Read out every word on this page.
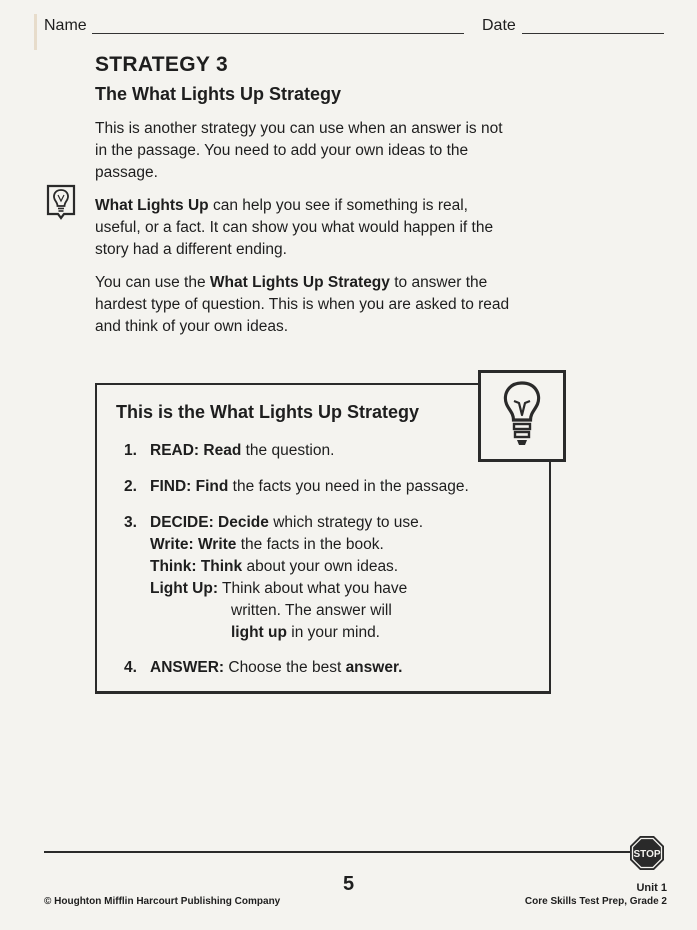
Name	Date
STRATEGY 3
The What Lights Up Strategy
This is another strategy you can use when an answer is not in the passage. You need to add your own ideas to the passage.
What Lights Up can help you see if something is real, useful, or a fact. It can show you what would happen if the story had a different ending.
You can use the What Lights Up Strategy to answer the hardest type of question. This is when you are asked to read and think of your own ideas.
This is the What Lights Up Strategy
1. READ: Read the question.
2. FIND: Find the facts you need in the passage.
3. DECIDE: Decide which strategy to use.
Write: Write the facts in the book.
Think: Think about your own ideas.
Light Up: Think about what you have
written. The answer will
light up in your mind.
4. ANSWER: Choose the best answer.
STOP
5
© Houghton Mifflin Harcourt Publishing Company
Unit 1
Core Skills Test Prep, Grade 2
